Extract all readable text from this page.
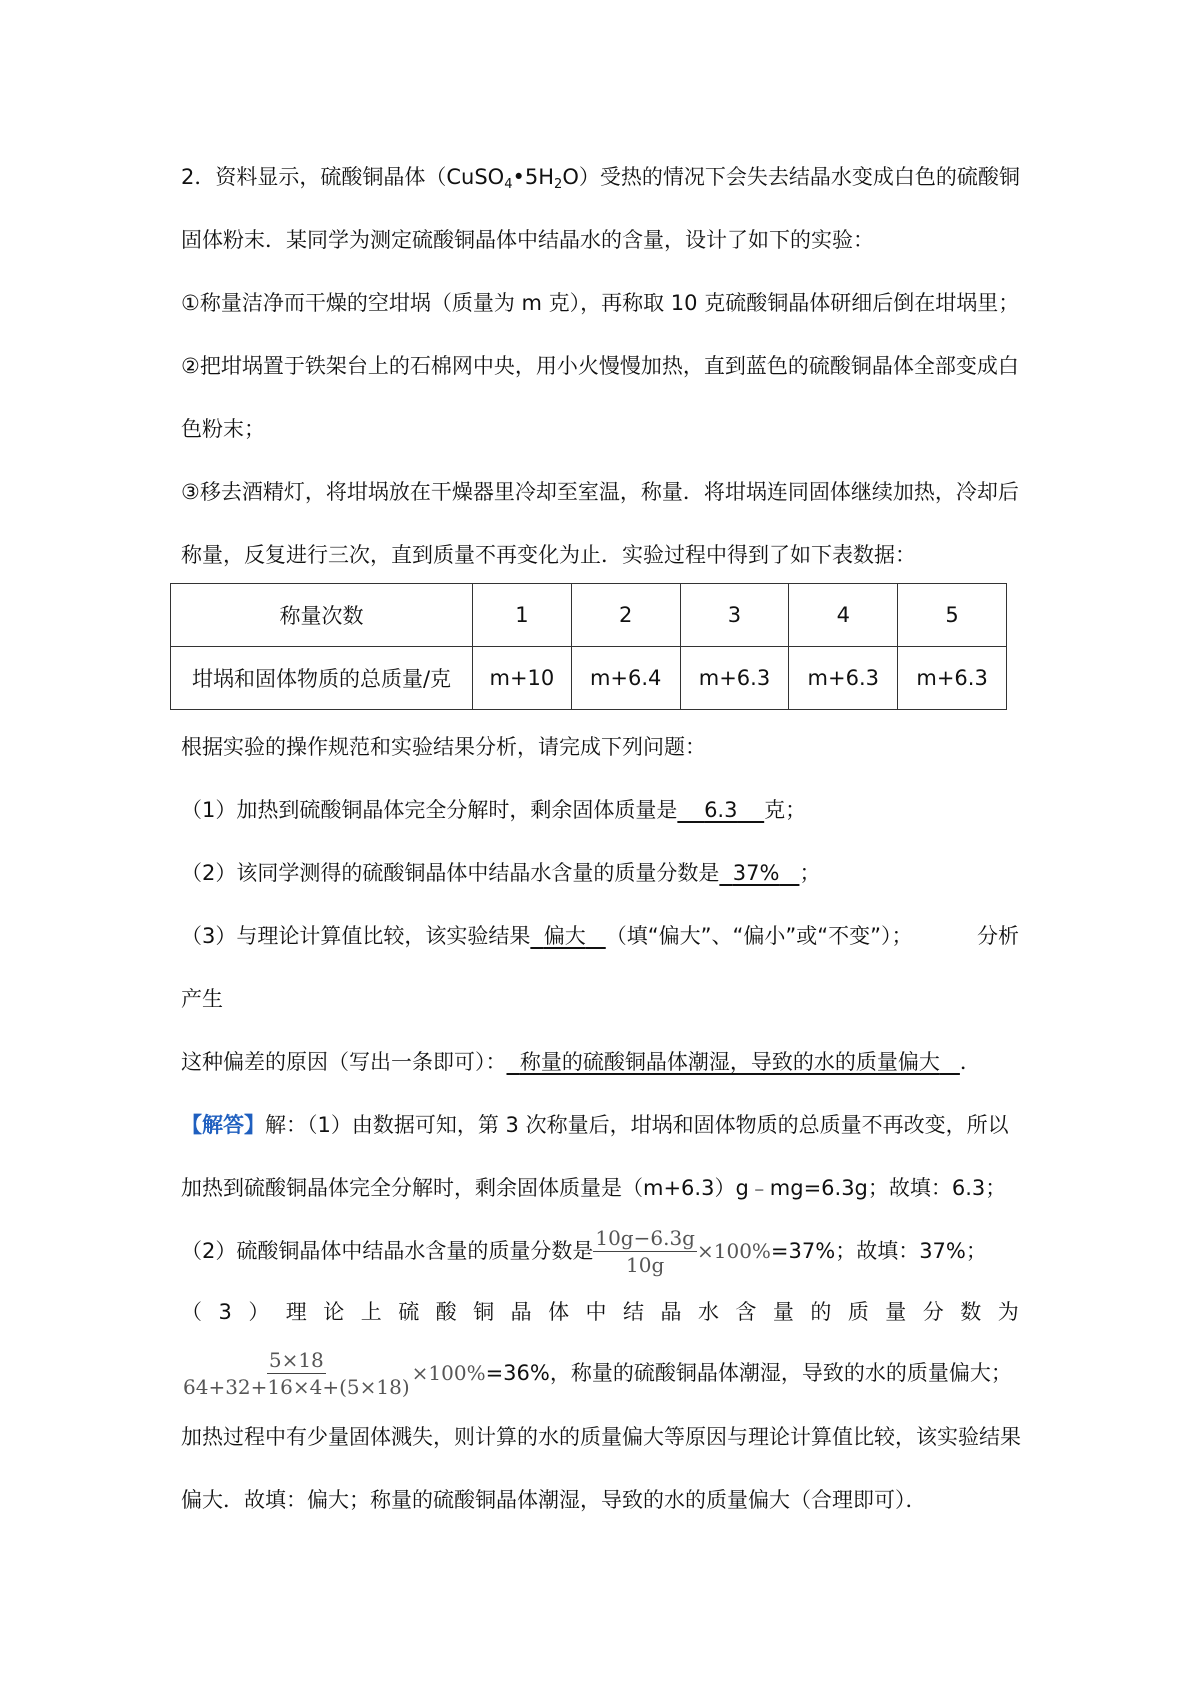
2．资料显示，硫酸铜晶体$(CuSO_4•5H_2O)$受热的情况下会失去结晶水变成白色的硫酸铜
固体粉末．某同学为测定硫酸铜晶体中结晶水的含量，设计了如下的实验：
①称量洁净而干燥的空坩埚（质量为 m 克），再称取 10 克硫酸铜晶体研细后倒在坩埚里；
②把坩埚置于铁架台上的石棉网中央，用小火慢慢加热，直到蓝色的硫酸铜晶体全部变成白
色粉末；
③移去酒精灯，将坩埚放在干燥器里冷却至室温，称量．将坩埚连同固体继续加热，冷却后
称量，反复进行三次，直到质量不再变化为止．实验过程中得到了如下表数据：
称量次数	1	2	3	4	5
坩埚和固体物质的总质量/克	m+10	m+6.4	m+6.3	m+6.3	m+6.3
根据实验的操作规范和实验结果分析，请完成下列问题：
（1）加热到硫酸铜晶体完全分解时，剩余固体质量是 6.3 克；
（2）该同学测得的硫酸铜晶体中结晶水含量的质量分数是 37% ；
（3）与理论计算值比较，该实验结果 偏大 （填“偏大”、“偏小”或“不变”）；	分析
产生
这种偏差的原因（写出一条即可）： 称量的硫酸铜晶体潮湿，导致的水的质量偏大 ．
【解答】解：（1）由数据可知，第 3 次称量后，坩埚和固体物质的总质量不再改变，所以
加热到硫酸铜晶体完全分解时，剩余固体质量是（m+6.3）g﹣mg=6.3g；故填：6.3；
（2）硫酸铜晶体中结晶水含量的质量分数是 $\frac{10g-6.3g}{10g} \times 100\% =37\%$；故填：37%；
（ 3 ） 理 论 上 硫 酸 铜 晶 体 中 结 晶 水 含 量 的 质 量 分 数 为
$\frac{5\times 18}{64+32+16\times 4+(5\times 18)} \times 100\% =36\%$，称量的硫酸铜晶体潮湿，导致的水的质量偏大；
加热过程中有少量固体溅失，则计算的水的质量偏大等原因与理论计算值比较，该实验结果
偏大．故填：偏大；称量的硫酸铜晶体潮湿，导致的水的质量偏大（合理即可）．
